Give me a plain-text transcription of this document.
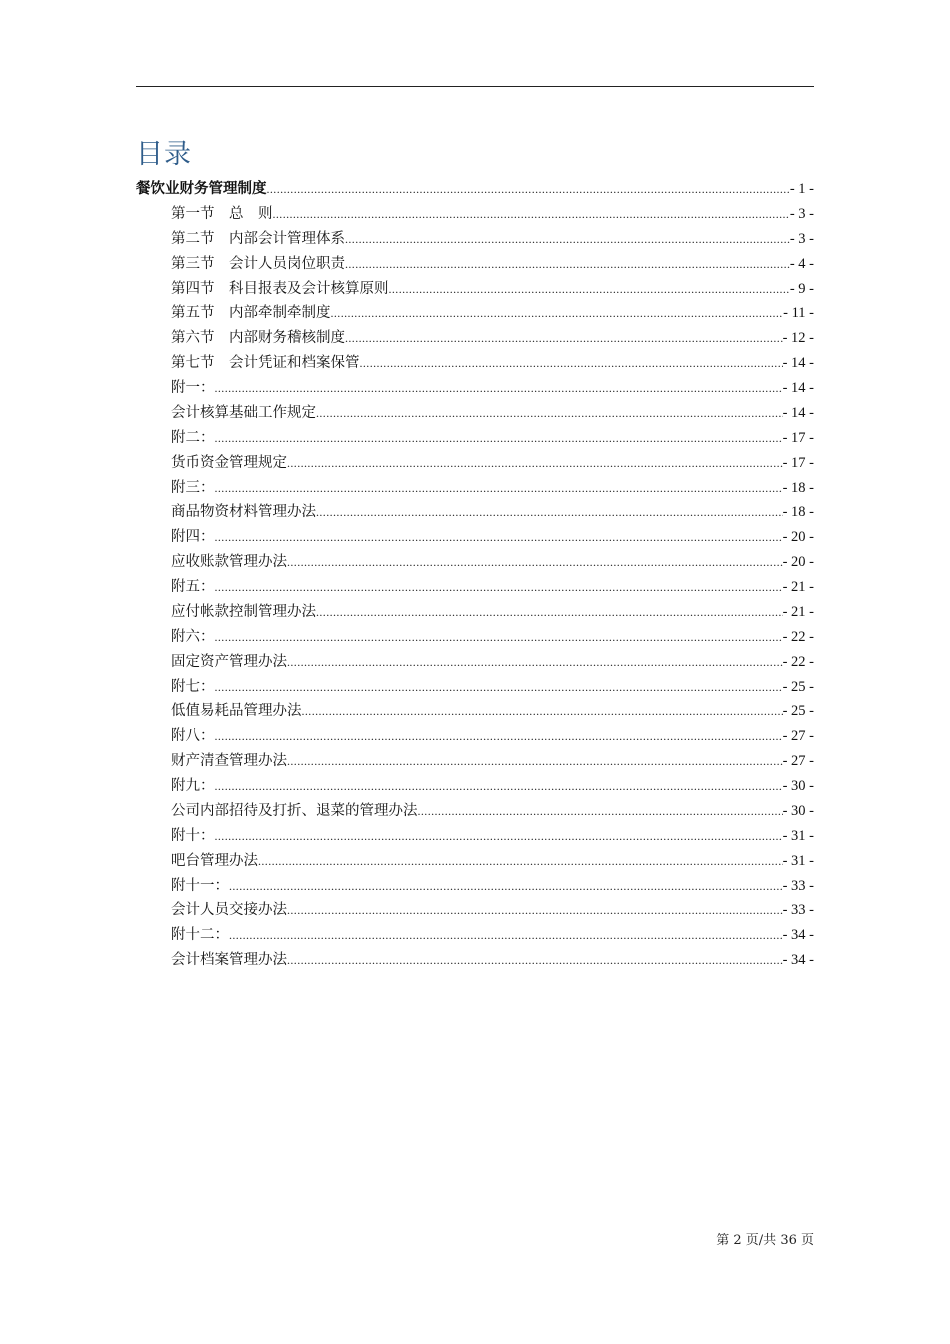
目录
餐饮业财务管理制度 .....	- 1 -
第一节　总　则 .....	- 3 -
第二节　内部会计管理体系 .....	- 3 -
第三节　会计人员岗位职责 .....	- 4 -
第四节　科目报表及会计核算原则 .....	- 9 -
第五节　内部牵制牵制度 .....	- 11 -
第六节　内部财务稽核制度 .....	- 12 -
第七节　会计凭证和档案保管 .....	- 14 -
附一： .....	- 14 -
会计核算基础工作规定 .....	- 14 -
附二： .....	- 17 -
货币资金管理规定 .....	- 17 -
附三： .....	- 18 -
商品物资材料管理办法 .....	- 18 -
附四： .....	- 20 -
应收账款管理办法 .....	- 20 -
附五： .....	- 21 -
应付帐款控制管理办法 .....	- 21 -
附六： .....	- 22 -
固定资产管理办法 .....	- 22 -
附七： .....	- 25 -
低值易耗品管理办法 .....	- 25 -
附八： .....	- 27 -
财产清查管理办法 .....	- 27 -
附九： .....	- 30 -
公司内部招待及打折、退菜的管理办法 .....	- 30 -
附十： .....	- 31 -
吧台管理办法 .....	- 31 -
附十一： .....	- 33 -
会计人员交接办法 .....	- 33 -
附十二： .....	- 34 -
会计档案管理办法 .....	- 34 -
第 2 页/共 36 页
